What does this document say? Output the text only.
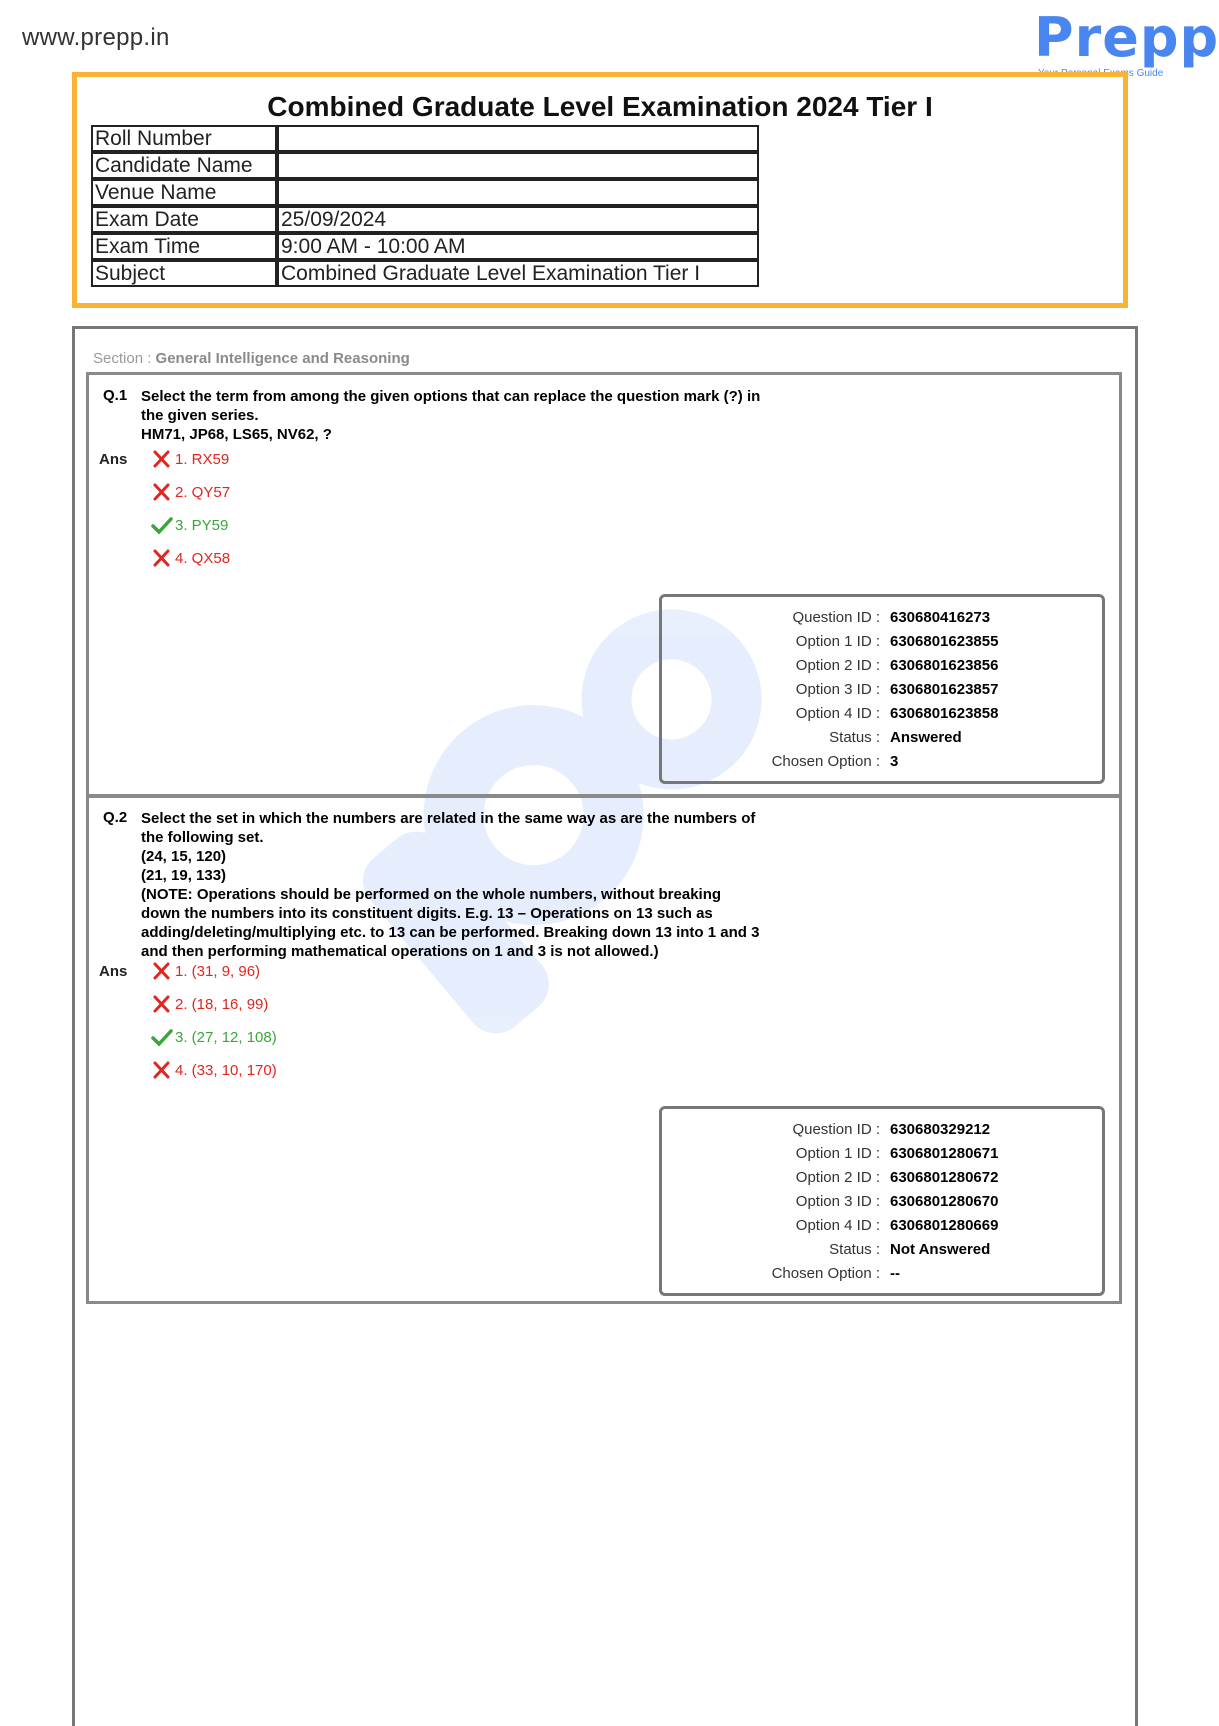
www.prepp.in	Prepp
Your Personal Exams Guide
Combined Graduate Level Examination 2024 Tier I
Roll Number	
Candidate Name	
Venue Name	
Exam Date	25/09/2024
Exam Time	9:00 AM - 10:00 AM
Subject	Combined Graduate Level Examination Tier I
Section : General Intelligence and Reasoning
Q.1 Select the term from among the given options that can replace the question mark (?) in
the given series.
HM71, JP68, LS65, NV62, ?
Ans	1. RX59
2. QY57
3. PY59
4. QX58
Question ID : 630680416273
Option 1 ID : 6306801623855
Option 2 ID : 6306801623856
Option 3 ID : 6306801623857
Option 4 ID : 6306801623858
Status : Answered
Chosen Option : 3
Q.2 Select the set in which the numbers are related in the same way as are the numbers of
the following set.
(24, 15, 120)
(21, 19, 133)
(NOTE: Operations should be performed on the whole numbers, without breaking
down the numbers into its constituent digits. E.g. 13 – Operations on 13 such as
adding/deleting/multiplying etc. to 13 can be performed. Breaking down 13 into 1 and 3
and then performing mathematical operations on 1 and 3 is not allowed.)
Ans	1. (31, 9, 96)
2. (18, 16, 99)
3. (27, 12, 108)
4. (33, 10, 170)
Question ID : 630680329212
Option 1 ID : 6306801280671
Option 2 ID : 6306801280672
Option 3 ID : 6306801280670
Option 4 ID : 6306801280669
Status : Not Answered
Chosen Option : --
